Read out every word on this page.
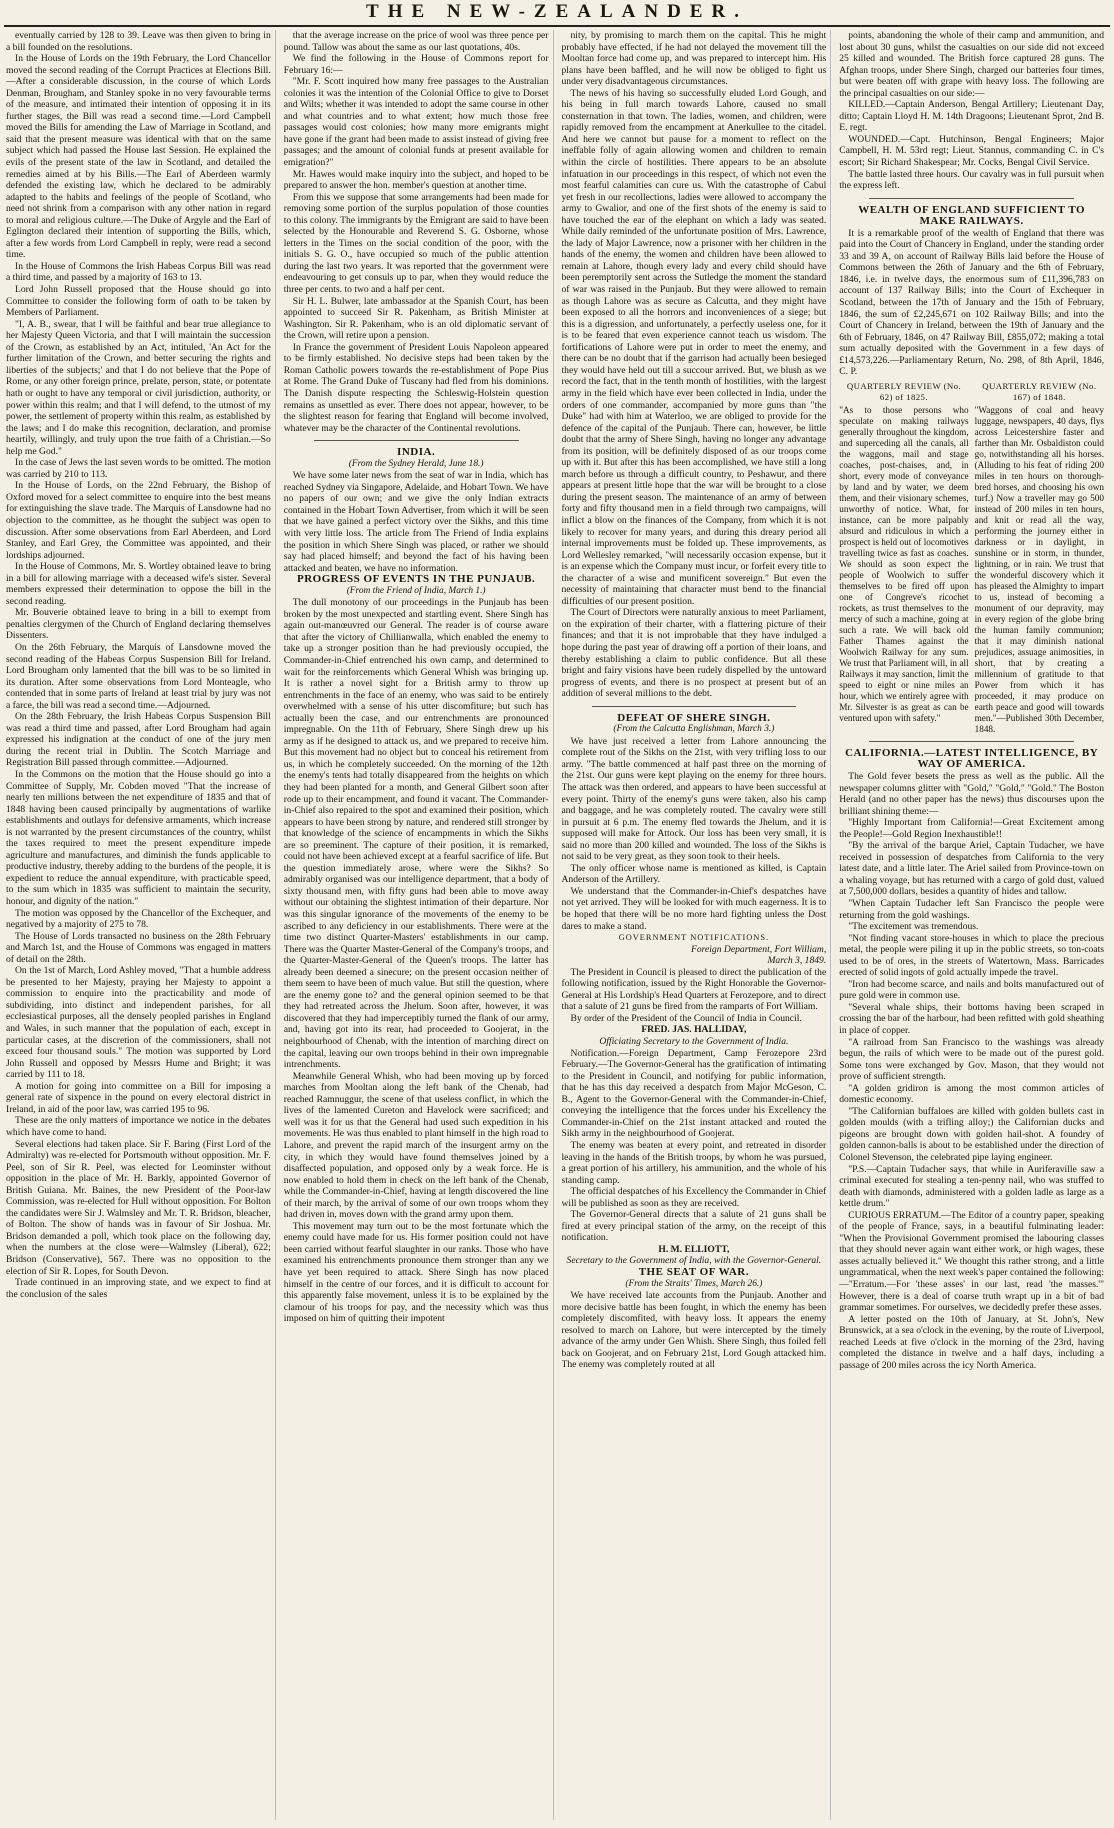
THE NEW-ZEALANDER.

eventually carried by 128 to 39. Leave was then given to bring in a bill founded on the resolutions.

In the House of Lords on the 19th February, the Lord Chancellor moved the second reading of the Corrupt Practices at Elections Bill.—After a considerable discussion, in the course of which Lords Denman, Brougham, and Stanley spoke in no very favourable terms of the measure, and intimated their intention of opposing it in its further stages, the Bill was read a second time.—Lord Campbell moved the Bills for amending the Law of Marriage in Scotland, and said that the present measure was identical with that on the same subject which had passed the House last Session. He explained the evils of the present state of the law in Scotland, and detailed the remedies aimed at by his Bills.—The Earl of Aberdeen warmly defended the existing law, which he declared to be admirably adapted to the habits and feelings of the people of Scotland, who need not shrink from a comparison with any other nation in regard to moral and religious culture.—The Duke of Argyle and the Earl of Eglington declared their intention of supporting the Bills, which, after a few words from Lord Campbell in reply, were read a second time.

In the House of Commons the Irish Habeas Corpus Bill was read a third time, and passed by a majority of 163 to 13.

Lord John Russell proposed that the House should go into Committee to consider the following form of oath to be taken by Members of Parliament.

"I, A. B., swear, that I will be faithful and bear true allegiance to her Majesty Queen Victoria, and that I will maintain the succession of the Crown, as established by an Act, intituled, 'An Act for the further limitation of the Crown, and better securing the rights and liberties of the subjects;' and that I do not believe that the Pope of Rome, or any other foreign prince, prelate, person, state, or potentate hath or ought to have any temporal or civil jurisdiction, authority, or power within this realm; and that I will defend, to the utmost of my power, the settlement of property within this realm, as established by the laws; and I do make this recognition, declaration, and promise heartily, willingly, and truly upon the true faith of a Christian.—So help me God."

In the case of Jews the last seven words to be omitted. The motion was carried by 210 to 113.

In the House of Lords, on the 22nd February, the Bishop of Oxford moved for a select committee to enquire into the best means for extinguishing the slave trade. The Marquis of Lansdowne had no objection to the committee, as he thought the subject was open to discussion. After some observations from Earl Aberdeen, and Lord Stanley, and Earl Grey, the Committee was appointed, and their lordships adjourned.

In the House of Commons, Mr. S. Wortley obtained leave to bring in a bill for allowing marriage with a deceased wife's sister. Several members expressed their determination to oppose the bill in the second reading.

Mr. Bouverie obtained leave to bring in a bill to exempt from penalties clergymen of the Church of England declaring themselves Dissenters.

On the 26th February, the Marquis of Lansdowne moved the second reading of the Habeas Corpus Suspension Bill for Ireland. Lord Brougham only lamented that the bill was to be so limited in its duration. After some observations from Lord Monteagle, who contended that in some parts of Ireland at least trial by jury was not a farce, the bill was read a second time.—Adjourned.

On the 28th February, the Irish Habeas Corpus Suspension Bill was read a third time and passed, after Lord Brougham had again expressed his indignation at the conduct of one of the jury men during the recent trial in Dublin. The Scotch Marriage and Registration Bill passed through committee.—Adjourned.

In the Commons on the motion that the House should go into a Committee of Supply, Mr. Cobden moved "That the increase of nearly ten millions between the net expenditure of 1835 and that of 1848 having been caused principally by augmentations of warlike establishments and outlays for defensive armaments, which increase is not warranted by the present circumstances of the country, whilst the taxes required to meet the present expenditure impede agriculture and manufactures, and diminish the funds applicable to productive industry, thereby adding to the burdens of the people, it is expedient to reduce the annual expenditure, with practicable speed, to the sum which in 1835 was sufficient to maintain the security, honour, and dignity of the nation."

The motion was opposed by the Chancellor of the Exchequer, and negatived by a majority of 275 to 78.

The House of Lords transacted no business on the 28th February and March 1st, and the House of Commons was engaged in matters of detail on the 28th.

On the 1st of March, Lord Ashley moved, "That a humble address be presented to her Majesty, praying her Majesty to appoint a commission to enquire into the practicability and mode of subdividing, into distinct and independent parishes, for all ecclesiastical purposes, all the densely peopled parishes in England and Wales, in such manner that the population of each, except in particular cases, at the discretion of the commissioners, shall not exceed four thousand souls." The motion was supported by Lord John Russell and opposed by Messrs Hume and Bright; it was carried by 111 to 18.

A motion for going into committee on a Bill for imposing a general rate of sixpence in the pound on every electoral district in Ireland, in aid of the poor law, was carried 195 to 96.

These are the only matters of importance we notice in the debates which have come to hand.

Several elections had taken place. Sir F. Baring (First Lord of the Admiralty) was re-elected for Portsmouth without opposition. Mr. F. Peel, son of Sir R. Peel, was elected for Leominster without opposition in the place of Mr. H. Barkly, appointed Governor of British Guiana. Mr. Baines, the new President of the Poor-law Commission, was re-elected for Hull without opposition. For Bolton the candidates were Sir J. Walmsley and Mr. T. R. Bridson, bleacher, of Bolton. The show of hands was in favour of Sir Joshua. Mr. Bridson demanded a poll, which took place on the following day, when the numbers at the close were—Walmsley (Liberal), 622; Bridson (Conservative), 567. There was no opposition to the election of Sir R. Lopes, for South Devon.

Trade continued in an improving state, and we expect to find at the conclusion of the sales

that the average increase on the price of wool was three pence per pound. Tallow was about the same as our last quotations, 40s.

We find the following in the House of Commons report for February 16:—

"Mr. F. Scott inquired how many free passages to the Australian colonies it was the intention of the Colonial Office to give to Dorset and Wilts; whether it was intended to adopt the same course in other and what countries and to what extent; how much those free passages would cost colonies; how many more emigrants might have gone if the grant had been made to assist instead of giving free passages; and the amount of colonial funds at present available for emigration?"

Mr. Hawes would make inquiry into the subject, and hoped to be prepared to answer the hon. member's question at another time.

From this we suppose that some arrangements had been made for removing some portion of the surplus population of those counties to this colony. The immigrants by the Emigrant are said to have been selected by the Honourable and Reverend S. G. Osborne, whose letters in the Times on the social condition of the poor, with the initials S. G. O., have occupied so much of the public attention during the last two years. It was reported that the government were endeavouring to get consuls up to par, when they would reduce the three per cents. to two and a half per cent.

Sir H. L. Bulwer, late ambassador at the Spanish Court, has been appointed to succeed Sir R. Pakenham, as British Minister at Washington. Sir R. Pakenham, who is an old diplomatic servant of the Crown, will retire upon a pension.

In France the government of President Louis Napoleon appeared to be firmly established. No decisive steps had been taken by the Roman Catholic powers towards the re-establishment of Pope Pius at Rome. The Grand Duke of Tuscany had fled from his dominions. The Danish dispute respecting the Schleswig-Holstein question remains as unsettled as ever. There does not appear, however, to be the slightest reason for fearing that England will become involved, whatever may be the character of the Continental revolutions.

INDIA.

(From the Sydney Herald, June 18.)

We have some later news from the seat of war in India, which has reached Sydney via Singapore, Adelaide, and Hobart Town. We have no papers of our own; and we give the only Indian extracts contained in the Hobart Town Advertiser, from which it will be seen that we have gained a perfect victory over the Sikhs, and this time with very little loss. The article from The Friend of India explains the position in which Shere Singh was placed, or rather we should say had placed himself; and beyond the fact of his having been attacked and beaten, we have no information.

PROGRESS OF EVENTS IN THE PUNJAUB.

(From the Friend of India, March 1.)

The dull monotony of our proceedings in the Punjaub has been broken by the most unexpected and startling event. Shere Singh has again out-manœuvred our General. The reader is of course aware that after the victory of Chillianwalla, which enabled the enemy to take up a stronger position than he had previously occupied, the Commander-in-Chief entrenched his own camp, and determined to wait for the reinforcements which General Whish was bringing up. It is rather a novel sight for a British army to throw up entrenchments in the face of an enemy, who was said to be entirely overwhelmed with a sense of his utter discomfiture; but such has actually been the case, and our entrenchments are pronounced impregnable. On the 11th of February, Shere Singh drew up his army as if he designed to attack us, and we prepared to receive him. But this movement had no object but to conceal his retirement from us, in which he completely succeeded. On the morning of the 12th the enemy's tents had totally disappeared from the heights on which they had been planted for a month, and General Gilbert soon after rode up to their encampment, and found it vacant. The Commander-in-Chief also repaired to the spot and examined their position, which appears to have been strong by nature, and rendered still stronger by that knowledge of the science of encampments in which the Sikhs are so preeminent. The capture of their position, it is remarked, could not have been achieved except at a fearful sacrifice of life. But the question immediately arose, where were the Sikhs? So admirably organised was our intelligence department, that a body of sixty thousand men, with fifty guns had been able to move away without our obtaining the slightest intimation of their departure. Nor was this singular ignorance of the movements of the enemy to be ascribed to any deficiency in our establishments. There were at the time two distinct Quarter-Masters' establishments in our camp. There was the Quarter Master-General of the Company's troops, and the Quarter-Master-General of the Queen's troops. The latter has already been deemed a sinecure; on the present occasion neither of them seem to have been of much value. But still the question, where are the enemy gone to? and the general opinion seemed to be that they had retreated across the Jhelum. Soon after, however, it was discovered that they had imperceptibly turned the flank of our army, and, having got into its rear, had proceeded to Goojerat, in the neighbourhood of Chenab, with the intention of marching direct on the capital, leaving our own troops behind in their own impregnable intrenchments.

Meanwhile General Whish, who had been moving up by forced marches from Mooltan along the left bank of the Chenab, had reached Ramnuggur, the scene of that useless conflict, in which the lives of the lamented Cureton and Havelock were sacrificed; and well was it for us that the General had used such expedition in his movements. He was thus enabled to plant himself in the high road to Lahore, and prevent the rapid march of the insurgent army on the city, in which they would have found themselves joined by a disaffected population, and opposed only by a weak force. He is now enabled to hold them in check on the left bank of the Chenab, while the Commander-in-Chief, having at length discovered the line of their march, by the arrival of some of our own troops whom they had driven in, moves down with the grand army upon them.

This movement may turn out to be the most fortunate which the enemy could have made for us. His former position could not have been carried without fearful slaughter in our ranks. Those who have examined his entrenchments pronounce them stronger than any we have yet been required to attack. Shere Singh has now placed himself in the centre of our forces, and it is difficult to account for this apparently false movement, unless it is to be explained by the clamour of his troops for pay, and the necessity which was thus imposed on him of quitting their impotent

nity, by promising to march them on the capital. This he might probably have effected, if he had not delayed the movement till the Mooltan force had come up, and was prepared to intercept him. His plans have been baffled, and he will now be obliged to fight us under very disadvantageous circumstances.

The news of his having so successfully eluded Lord Gough, and his being in full march towards Lahore, caused no small consternation in that town. The ladies, women, and children, were rapidly removed from the encampment at Anerkullee to the citadel. And here we cannot but pause for a moment to reflect on the ineffable folly of again allowing women and children to remain within the circle of hostilities. There appears to be an absolute infatuation in our proceedings in this respect, of which not even the most fearful calamities can cure us. With the catastrophe of Cabul yet fresh in our recollections, ladies were allowed to accompany the army to Gwalior, and one of the first shots of the enemy is said to have touched the ear of the elephant on which a lady was seated. While daily reminded of the unfortunate position of Mrs. Lawrence, the lady of Major Lawrence, now a prisoner with her children in the hands of the enemy, the women and children have been allowed to remain at Lahore, though every lady and every child should have been peremptorily sent across the Sutledge the moment the standard of war was raised in the Punjaub. But they were allowed to remain as though Lahore was as secure as Calcutta, and they might have been exposed to all the horrors and inconveniences of a siege; but this is a digression, and unfortunately, a perfectly useless one, for it is to be feared that even experience cannot teach us wisdom. The fortifications of Lahore were put in order to meet the enemy, and there can be no doubt that if the garrison had actually been besieged they would have held out till a succour arrived. But, we blush as we record the fact, that in the tenth month of hostilities, with the largest army in the field which have ever been collected in India, under the orders of one commander, accompanied by more guns than "the Duke" had with him at Waterloo, we are obliged to provide for the defence of the capital of the Punjaub. There can, however, be little doubt that the army of Shere Singh, having no longer any advantage from its position, will be definitely disposed of as our troops come up with it. But after this has been accomplished, we have still a long march before us through a difficult country, to Peshawur, and there appears at present little hope that the war will be brought to a close during the present season. The maintenance of an army of between forty and fifty thousand men in a field through two campaigns, will inflict a blow on the finances of the Company, from which it is not likely to recover for many years, and during this dreary period all internal improvements must be folded up. These improvements, as Lord Wellesley remarked, "will necessarily occasion expense, but it is an expense which the Company must incur, or forfeit every title to the character of a wise and munificent sovereign." But even the necessity of maintaining that character must bend to the financial difficulties of our present position.

The Court of Directors were naturally anxious to meet Parliament, on the expiration of their charter, with a flattering picture of their finances; and that it is not improbable that they have indulged a hope during the past year of drawing off a portion of their loans, and thereby establishing a claim to public confidence. But all these bright and fairy visions have been rudely dispelled by the untoward progress of events, and there is no prospect at present but of an addition of several millions to the debt.

DEFEAT OF SHERE SINGH.

(From the Calcutta Englishman, March 3.)

We have just received a letter from Lahore announcing the complete rout of the Sikhs on the 21st, with very trifling loss to our army. "The battle commenced at half past three on the morning of the 21st. Our guns were kept playing on the enemy for three hours. The attack was then ordered, and appears to have been successful at every point. Thirty of the enemy's guns were taken, also his camp and baggage, and he was completely routed. The cavalry were still in pursuit at 6 p.m. The enemy fled towards the Jhelum, and it is supposed will make for Attock. Our loss has been very small, it is said no more than 200 killed and wounded. The loss of the Sikhs is not said to be very great, as they soon took to their heels.

The only officer whose name is mentioned as killed, is Captain Anderson of the Artillery.

We understand that the Commander-in-Chief's despatches have not yet arrived. They will be looked for with much eagerness. It is to be hoped that there will be no more hard fighting unless the Dost dares to make a stand.

GOVERNMENT NOTIFICATIONS.

Foreign Department, Fort William,

March 3, 1849.

The President in Council is pleased to direct the publication of the following notification, issued by the Right Honorable the Governor-General at His Lordship's Head Quarters at Ferozepore, and to direct that a salute of 21 guns be fired from the ramparts of Fort William.

By order of the President of the Council of India in Council.

FRED. JAS. HALLIDAY,

Officiating Secretary to the Government of India.

Notification.—Foreign Department, Camp Ferozepore 23rd February.—The Governor-General has the gratification of intimating to the President in Council, and notifying for public information, that he has this day received a despatch from Major McGeson, C. B., Agent to the Governor-General with the Commander-in-Chief, conveying the intelligence that the forces under his Excellency the Commander-in-Chief on the 21st instant attacked and routed the Sikh army in the neighbourhood of Goojerat.

The enemy was beaten at every point, and retreated in disorder leaving in the hands of the British troops, by whom he was pursued, a great portion of his artillery, his ammunition, and the whole of his standing camp.

The official despatches of his Excellency the Commander in Chief will be published as soon as they are received.

The Governor-General directs that a salute of 21 guns shall be fired at every principal station of the army, on the receipt of this notification.

H. M. ELLIOTT,

Secretary to the Government of India, with the Governor-General.

THE SEAT OF WAR.

(From the Straits' Times, March 26.)

We have received late accounts from the Punjaub. Another and more decisive battle has been fought, in which the enemy has been completely discomfited, with heavy loss. It appears the enemy resolved to march on Lahore, but were intercepted by the timely advance of the army under Gen Whish. Shere Singh, thus foiled fell back on Goojerat, and on February 21st, Lord Gough attacked him. The enemy was completely routed at all

points, abandoning the whole of their camp and ammunition, and lost about 30 guns, whilst the casualties on our side did not exceed 25 killed and wounded. The British force captured 28 guns. The Afghan troops, under Shere Singh, charged our batteries four times, but were beaten off with grape with heavy loss. The following are the principal casualties on our side:—

KILLED.—Captain Anderson, Bengal Artillery; Lieutenant Day, ditto; Captain Lloyd H. M. 14th Dragoons; Lieutenant Sprot, 2nd B. E. regt.

WOUNDED.—Capt. Hutchinson, Bengal Engineers; Major Campbell, H. M. 53rd regt; Lieut. Stannus, commanding C. in C's escort; Sir Richard Shakespear; Mr. Cocks, Bengal Civil Service.

The battle lasted three hours. Our cavalry was in full pursuit when the express left.

WEALTH OF ENGLAND SUFFICIENT TO MAKE RAILWAYS.

It is a remarkable proof of the wealth of England that there was paid into the Court of Chancery in England, under the standing order 33 and 39 A, on account of Railway Bills laid before the House of Commons between the 26th of January and the 6th of February, 1846, i.e. in twelve days, the enormous sum of £11,396,783 on account of 137 Railway Bills; into the Court of Exchequer in Scotland, between the 17th of January and the 15th of February, 1846, the sum of £2,245,671 on 102 Railway Bills; and into the Court of Chancery in Ireland, between the 19th of January and the 6th of February, 1846, on 47 Railway Bill, £855,072; making a total sum actually deposited with the Government in a few days of £14,573,226.—Parliamentary Return, No. 298, of 8th April, 1846, C. P.

QUARTERLY REVIEW (No. 62) of 1825.
"As to those persons who speculate on making railways generally throughout the kingdom, and superceding all the canals, all the waggons, mail and stage coaches, post-chaises, and, in short, every mode of conveyance by land and by water, we deem them, and their visionary schemes, unworthy of notice. What, for instance, can be more palpably absurd and ridiculous in which a prospect is held out of locomotives travelling twice as fast as coaches. We should as soon expect the people of Woolwich to suffer themselves to be fired off upon one of Congreve's ricochet rockets, as trust themselves to the mercy of such a machine, going at such a rate. We will back old Father Thames against the Woolwich Railway for any sum. We trust that Parliament will, in all Railways it may sanction, limit the speed to eight or nine miles an hour, which we entirely agree with Mr. Silvester is as great as can be ventured upon with safety."
QUARTERLY REVIEW (No. 167) of 1848.
"Waggons of coal and heavy luggage, newspapers, 40 days, flys across Leicestershire faster and farther than Mr. Osbaldiston could go, notwithstanding all his horses. (Alluding to his feat of riding 200 miles in ten hours on thorough-bred horses, and choosing his own turf.) Now a traveller may go 500 instead of 200 miles in ten hours, and knit or read all the way, performing the journey either in darkness or in daylight, in sunshine or in storm, in thunder, lightning, or in rain. We trust that the wonderful discovery which it has pleased the Almighty to impart to us, instead of becoming a monument of our depravity, may in every region of the globe bring the human family communion; that it may diminish national prejudices, assuage animosities, in short, that by creating a millennium of gratitude to that Power from which it has proceeded, it may produce on earth peace and good will towards men."—Published 30th December, 1848.

CALIFORNIA.—LATEST INTELLIGENCE, BY WAY OF AMERICA.

The Gold fever besets the press as well as the public. All the newspaper columns glitter with "Gold," "Gold," "Gold." The Boston Herald (and no other paper has the news) thus discourses upon the brilliant shining theme:—

"Highly Important from California!—Great Excitement among the People!—Gold Region Inexhaustible!!

"By the arrival of the barque Ariel, Captain Tudacher, we have received in possession of despatches from California to the very latest date, and a little later. The Ariel sailed from Province-town on a whaling voyage, but has returned with a cargo of gold dust, valued at 7,500,000 dollars, besides a quantity of hides and tallow.

"When Captain Tudacher left San Francisco the people were returning from the gold washings.

"The excitement was tremendous.

"Not finding vacant store-houses in which to place the precious metal, the people were piling it up in the public streets, so ton-coats used to be of ores, in the streets of Watertown, Mass. Barricades erected of solid ingots of gold actually impede the travel.

"Iron had become scarce, and nails and bolts manufactured out of pure gold were in common use.

"Several whale ships, their bottoms having been scraped in crossing the bar of the harbour, had been refitted with gold sheathing in place of copper.

"A railroad from San Francisco to the washings was already begun, the rails of which were to be made out of the purest gold. Some tons were exchanged by Gov. Mason, that they would not prove of sufficient strength.

"A golden gridiron is among the most common articles of domestic economy.

"The Californian buffaloes are killed with golden bullets cast in golden moulds (with a trifling alloy;) the Californian ducks and pigeons are brought down with golden hail-shot. A foundry of golden cannon-balls is about to be established under the direction of Colonel Stevenson, the celebrated pipe laying engineer.

"P.S.—Captain Tudacher says, that while in Auriferaville saw a criminal executed for stealing a ten-penny nail, who was stuffed to death with diamonds, administered with a golden ladle as large as a kettle drum."

CURIOUS ERRATUM.—The Editor of a country paper, speaking of the people of France, says, in a beautiful fulminating leader: "When the Provisional Government promised the labouring classes that they should never again want either work, or high wages, these asses actually believed it." We thought this rather strong, and a little ungrammatical, when the next week's paper contained the following:—"Erratum.—For 'these asses' in our last, read 'the masses.'" However, there is a deal of coarse truth wrapt up in a bit of bad grammar sometimes. For ourselves, we decidedly prefer these asses.

A letter posted on the 10th of January, at St. John's, New Brunswick, at a sea o'clock in the evening, by the route of Liverpool, reached Leeds at five o'clock in the morning of the 23rd, having completed the distance in twelve and a half days, including a passage of 200 miles across the icy North America.
